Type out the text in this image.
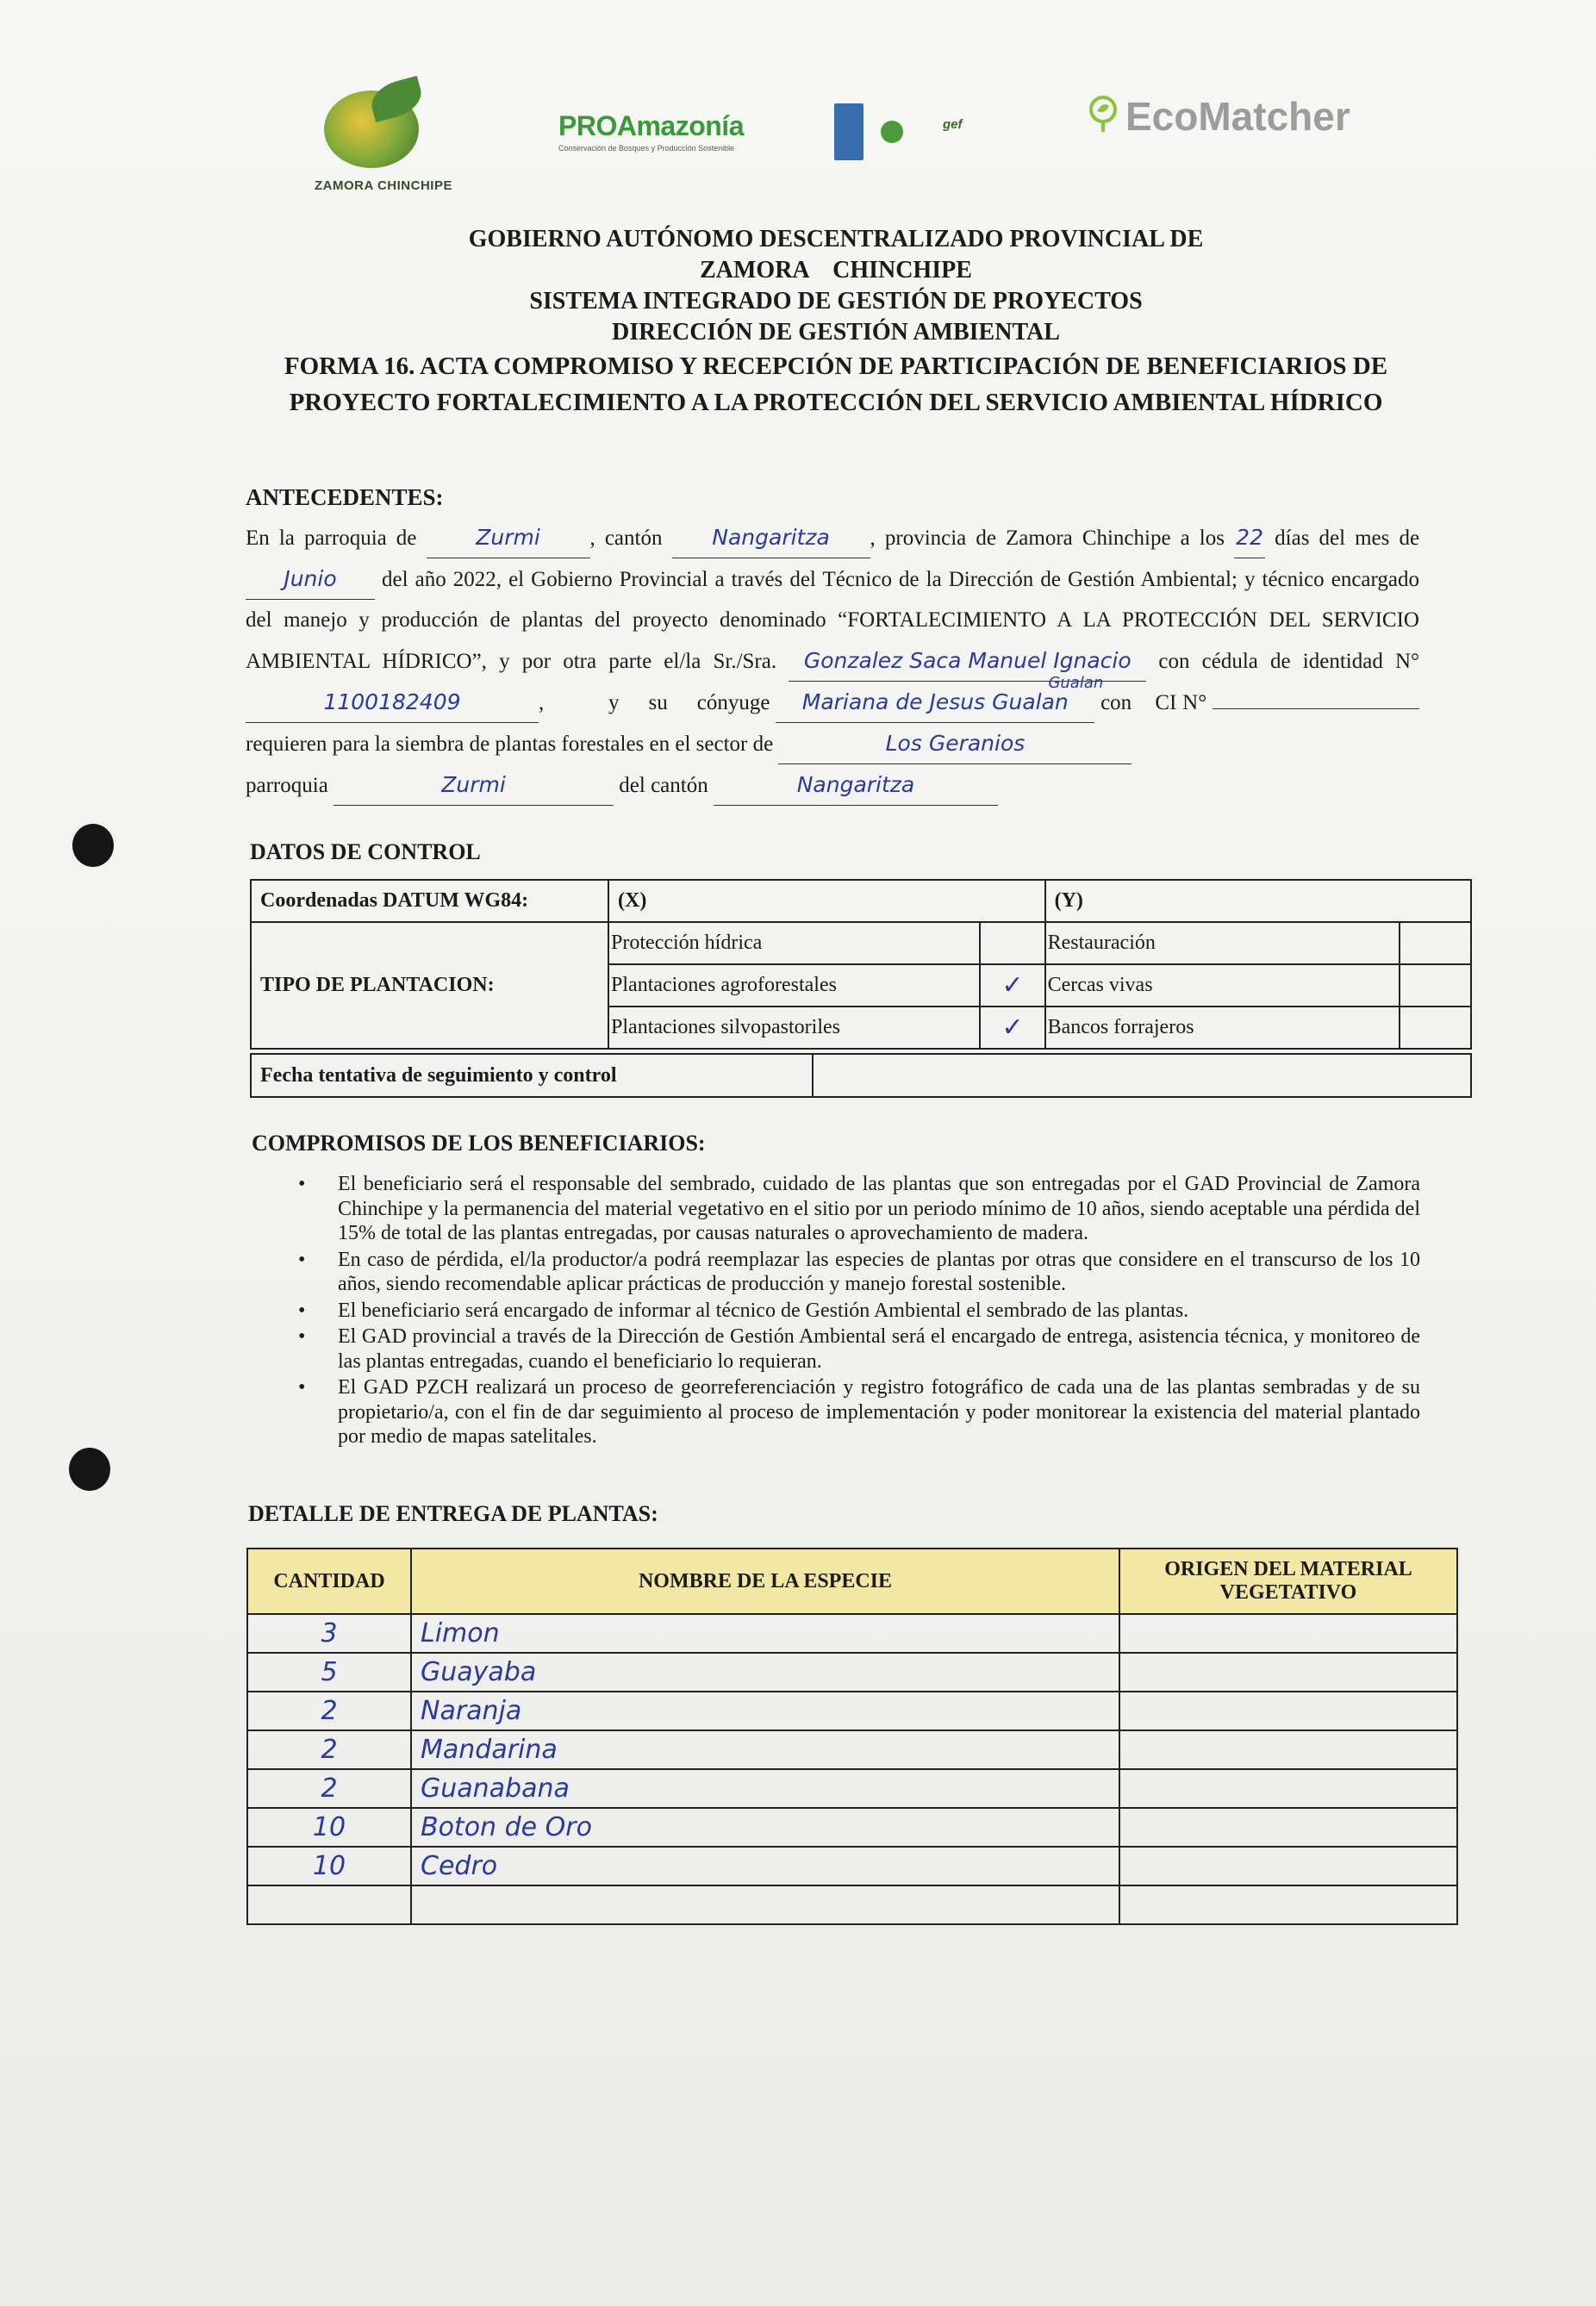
ZAMORA CHINCHIPE
PROAmazonía
Conservación de Bosques y Producción Sostenible
gef	EcoMatcher
GOBIERNO AUTÓNOMO DESCENTRALIZADO PROVINCIAL DE
ZAMORA    CHINCHIPE
SISTEMA INTEGRADO DE GESTIÓN DE PROYECTOS
DIRECCIÓN DE GESTIÓN AMBIENTAL
FORMA 16. ACTA COMPROMISO Y RECEPCIÓN DE PARTICIPACIÓN DE BENEFICIARIOS DE
PROYECTO FORTALECIMIENTO A LA PROTECCIÓN DEL SERVICIO AMBIENTAL HÍDRICO
ANTECEDENTES:
En la parroquia de	Zurmi , cantón Nangaritza , provincia de Zamora Chinchipe a los 22 días del mes de Junio del año 2022, el Gobierno Provincial a través del Técnico de la Dirección de Gestión Ambiental; y técnico encargado del manejo y producción de plantas del proyecto denominado “FORTALECIMIENTO A LA PROTECCIÓN DEL SERVICIO AMBIENTAL HÍDRICO”, y por otra parte el/la Sr./Sra. Gonzalez Saca Manuel Ignacio con cédula de identidad N° 1100182409	,           y     su     cónyuge Mariana de Jesus Gualan
Gualan
con    CI N°  requieren para la siembra de plantas forestales en el sector de	Los Geranios
parroquia	Zurmi	del cantón	Nangaritza
DATOS DE CONTROL
Coordenadas DATUM WG84:	(X)		(Y)	
TIPO DE PLANTACION:	Protección hídrica		Restauración	
	Plantaciones agroforestales	✓	Cercas vivas	
	Plantaciones silvopastoriles	✓	Bancos forrajeros	
Fecha tentativa de seguimiento y control	
COMPROMISOS DE LOS BENEFICIARIOS:
• El beneficiario será el responsable del sembrado, cuidado de las plantas que son entregadas por el GAD Provincial de Zamora Chinchipe y la permanencia del material vegetativo en el sitio por un periodo mínimo de 10 años, siendo aceptable una pérdida del 15% de total de las plantas entregadas, por causas naturales o aprovechamiento de madera.
• En caso de pérdida, el/la productor/a podrá reemplazar las especies de plantas por otras que considere en el transcurso de los 10 años, siendo recomendable aplicar prácticas de producción y manejo forestal sostenible.
• El beneficiario será encargado de informar al técnico de Gestión Ambiental el sembrado de las plantas.
• El GAD provincial a través de la Dirección de Gestión Ambiental será el encargado de entrega, asistencia técnica, y monitoreo de las plantas entregadas, cuando el beneficiario lo requieran.
• El GAD PZCH realizará un proceso de georreferenciación y registro fotográfico de cada una de las plantas sembradas y de su propietario/a, con el fin de dar seguimiento al proceso de implementación y poder monitorear la existencia del material plantado por medio de mapas satelitales.
DETALLE DE ENTREGA DE PLANTAS:
CANTIDAD	NOMBRE DE LA ESPECIE	ORIGEN DEL MATERIAL VEGETATIVO
3	Limon	
5	Guayaba	
2	Naranja	
2	Mandarina	
2	Guanabana	
10	Boton de Oro	
10	Cedro	
